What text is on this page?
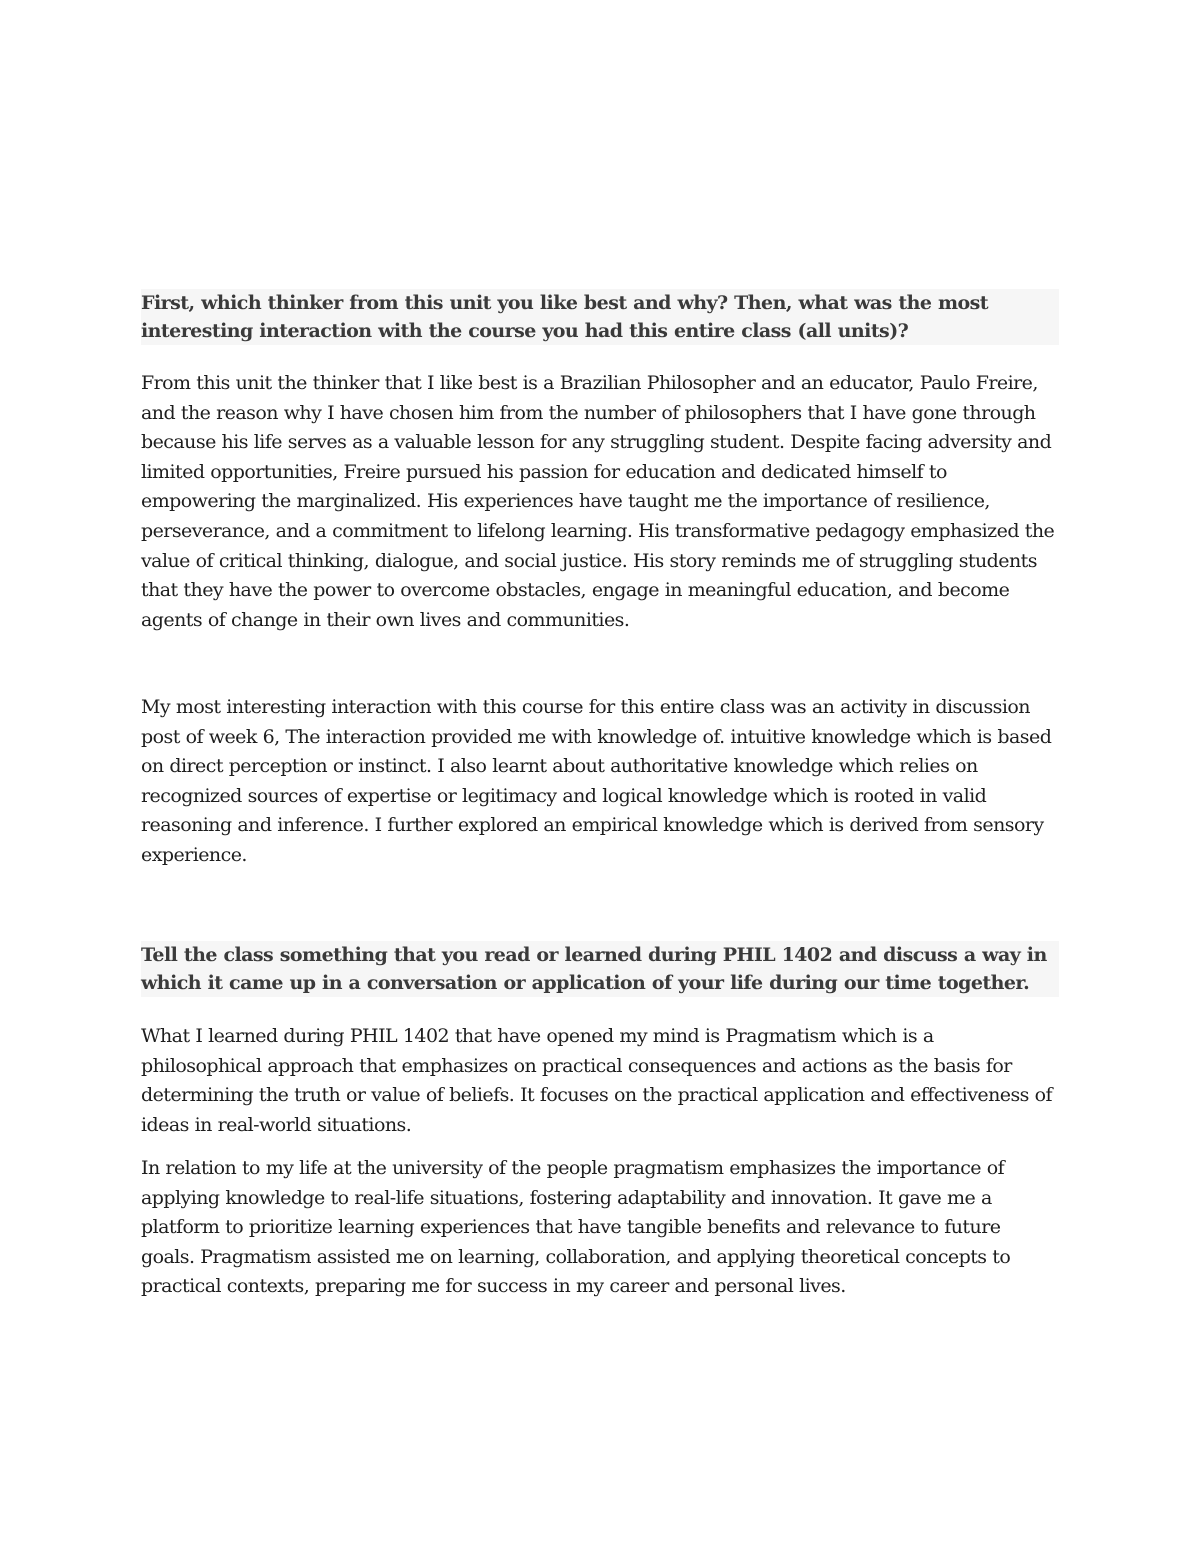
First, which thinker from this unit you like best and why? Then, what was the most interesting interaction with the course you had this entire class (all units)?
From this unit the thinker that I like best is a Brazilian Philosopher and an educator, Paulo Freire, and the reason why I have chosen him from the number of philosophers that I have gone through because his life serves as a valuable lesson for any struggling student. Despite facing adversity and limited opportunities, Freire pursued his passion for education and dedicated himself to empowering the marginalized. His experiences have taught me the importance of resilience, perseverance, and a commitment to lifelong learning. His transformative pedagogy emphasized the value of critical thinking, dialogue, and social justice. His story reminds me of struggling students that they have the power to overcome obstacles, engage in meaningful education, and become agents of change in their own lives and communities.
My most interesting interaction with this course for this entire class was an activity in discussion post of week 6, The interaction provided me with knowledge of. intuitive knowledge which is based on direct perception or instinct. I also learnt about authoritative knowledge which relies on recognized sources of expertise or legitimacy and logical knowledge which is rooted in valid reasoning and inference. I further explored an empirical knowledge which is derived from sensory experience.
Tell the class something that you read or learned during PHIL 1402 and discuss a way in which it came up in a conversation or application of your life during our time together.
What I learned during PHIL 1402 that have opened my mind is Pragmatism which is a philosophical approach that emphasizes on practical consequences and actions as the basis for determining the truth or value of beliefs. It focuses on the practical application and effectiveness of ideas in real-world situations.
In relation to my life at the university of the people pragmatism emphasizes the importance of applying knowledge to real-life situations, fostering adaptability and innovation. It gave me a platform to prioritize learning experiences that have tangible benefits and relevance to future goals. Pragmatism assisted me on learning, collaboration, and applying theoretical concepts to practical contexts, preparing me for success in my career and personal lives.
